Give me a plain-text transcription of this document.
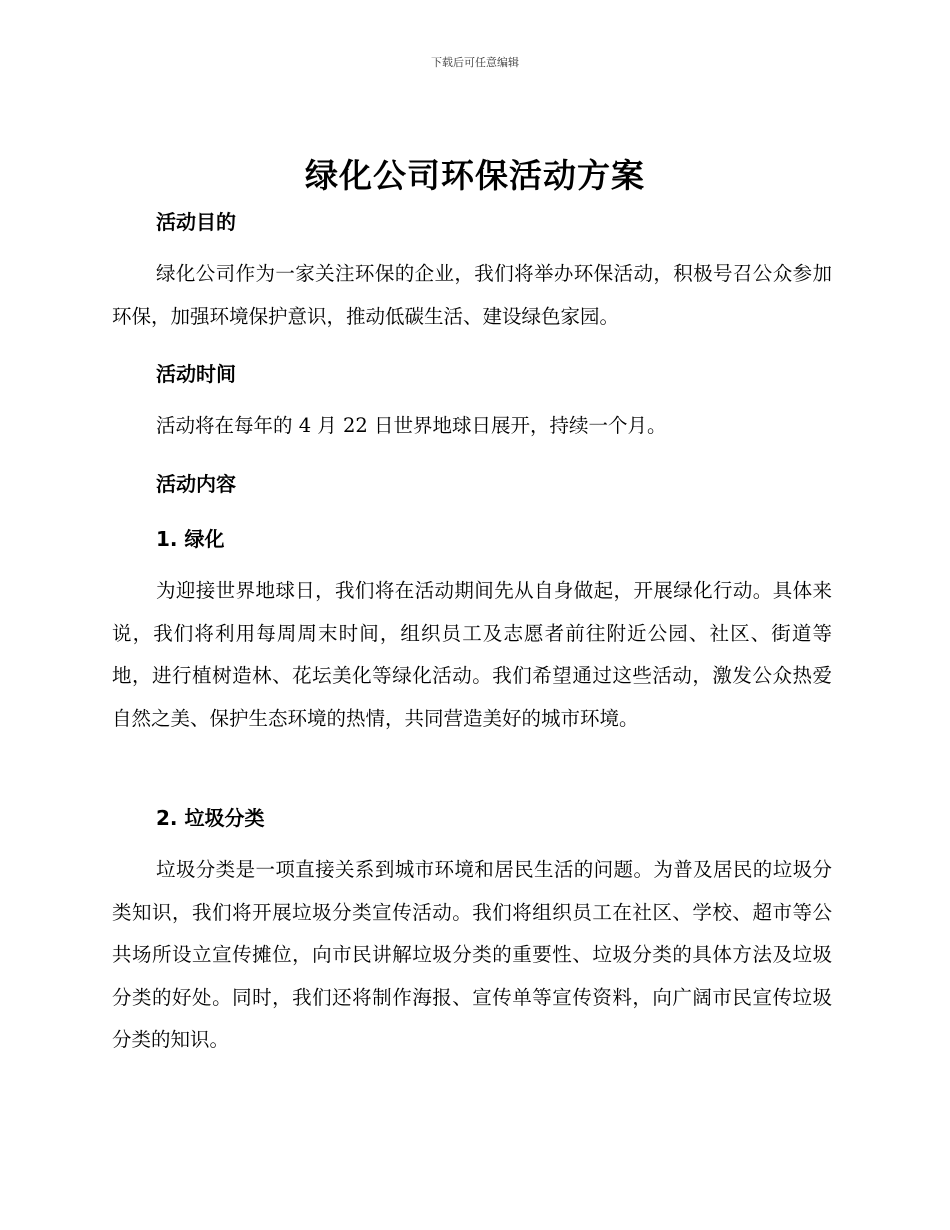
下载后可任意编辑
绿化公司环保活动方案
活动目的
绿化公司作为一家关注环保的企业，我们将举办环保活动，积极号召公众参加环保，加强环境保护意识，推动低碳生活、建设绿色家园。
活动时间
活动将在每年的 4 月 22 日世界地球日展开，持续一个月。
活动内容
1. 绿化
为迎接世界地球日，我们将在活动期间先从自身做起，开展绿化行动。具体来说，我们将利用每周周末时间，组织员工及志愿者前往附近公园、社区、街道等地，进行植树造林、花坛美化等绿化活动。我们希望通过这些活动，激发公众热爱自然之美、保护生态环境的热情，共同营造美好的城市环境。
2. 垃圾分类
垃圾分类是一项直接关系到城市环境和居民生活的问题。为普及居民的垃圾分类知识，我们将开展垃圾分类宣传活动。我们将组织员工在社区、学校、超市等公共场所设立宣传摊位，向市民讲解垃圾分类的重要性、垃圾分类的具体方法及垃圾分类的好处。同时，我们还将制作海报、宣传单等宣传资料，向广阔市民宣传垃圾分类的知识。
